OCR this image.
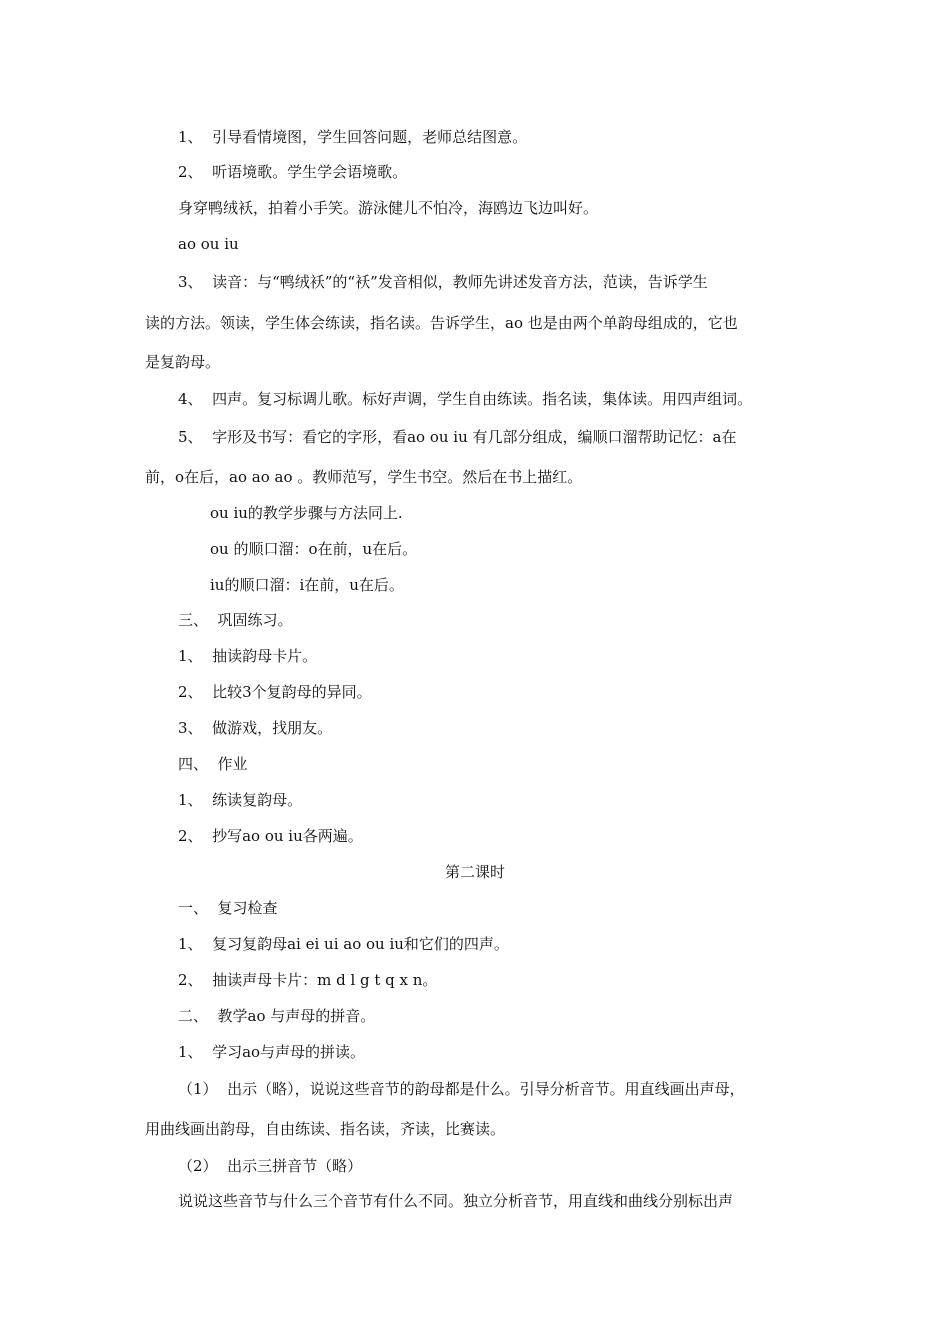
1、  引导看情境图，学生回答问题，老师总结图意。
2、  听语境歌。学生学会语境歌。
身穿鸭绒袄，拍着小手笑。游泳健儿不怕冷，海鸥边飞边叫好。
ao ou iu
3、  读音：与“鸭绒袄”的“袄”发音相似，教师先讲述发音方法，范读，告诉学生
读的方法。领读，学生体会练读，指名读。告诉学生，ao 也是由两个单韵母组成的，它也
是复韵母。
4、  四声。复习标调儿歌。标好声调，学生自由练读。指名读，集体读。用四声组词。
5、  字形及书写：看它的字形，看ao ou iu 有几部分组成，编顺口溜帮助记忆：a在
前，o在后，ao ao ao 。教师范写，学生书空。然后在书上描红。
ou iu的教学步骤与方法同上.
ou 的顺口溜：o在前，u在后。
iu的顺口溜：i在前，u在后。
三、  巩固练习。
1、  抽读韵母卡片。
2、  比较3个复韵母的异同。
3、  做游戏，找朋友。
四、  作业
1、  练读复韵母。
2、  抄写ao ou iu各两遍。
第二课时
一、  复习检查
1、  复习复韵母ai ei ui ao ou iu和它们的四声。
2、  抽读声母卡片：m d l g t q x n。
二、  教学ao 与声母的拼音。
1、  学习ao与声母的拼读。
（1）  出示（略），说说这些音节的韵母都是什么。引导分析音节。用直线画出声母，
用曲线画出韵母，自由练读、指名读，齐读，比赛读。
（2）  出示三拼音节（略）
说说这些音节与什么三个音节有什么不同。独立分析音节，用直线和曲线分别标出声
